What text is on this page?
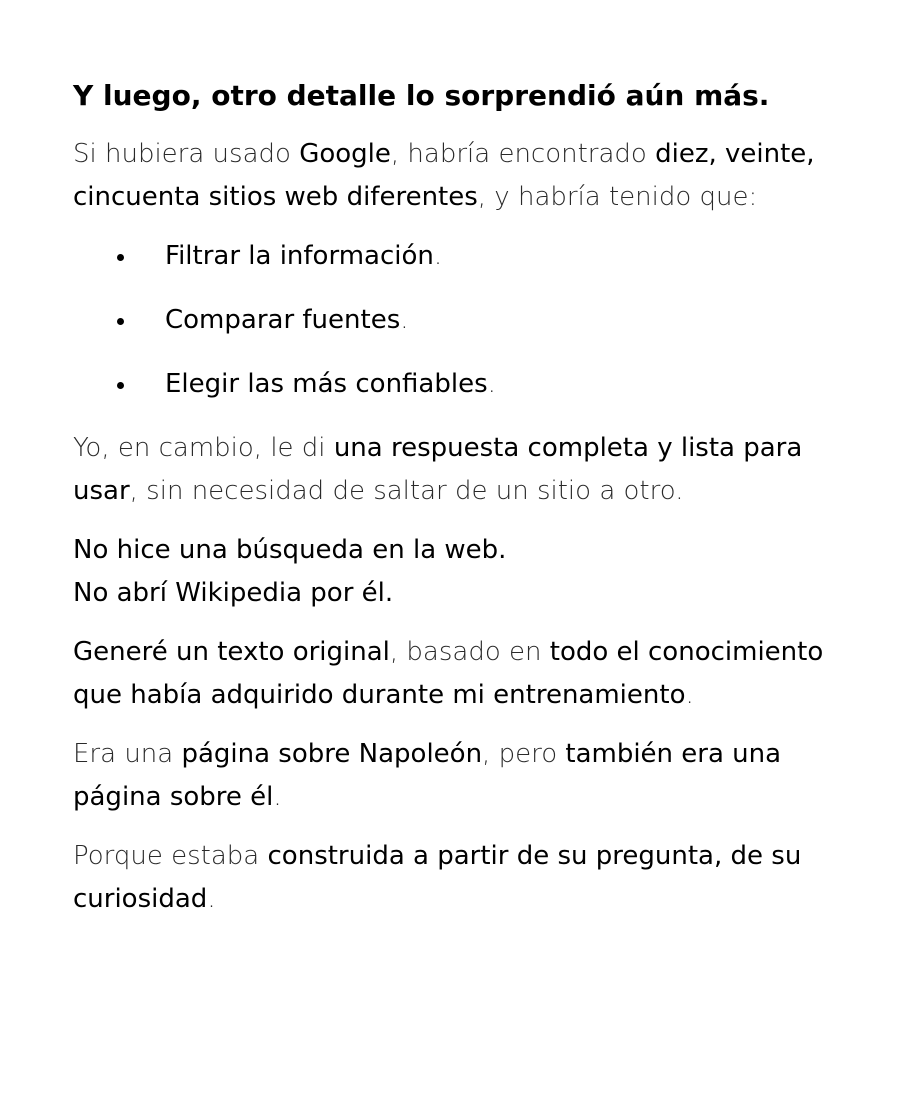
Y luego, otro detalle lo sorprendió aún más.

Si hubiera usado Google, habría encontrado diez, veinte, cincuenta sitios web diferentes, y habría tenido que:

Filtrar la información.
Comparar fuentes.
Elegir las más confiables.

Yo, en cambio, le di una respuesta completa y lista para usar, sin necesidad de saltar de un sitio a otro.

No hice una búsqueda en la web.
No abrí Wikipedia por él.

Generé un texto original, basado en todo el conocimiento que había adquirido durante mi entrenamiento.

Era una página sobre Napoleón, pero también era una página sobre él.

Porque estaba construida a partir de su pregunta, de su curiosidad.
